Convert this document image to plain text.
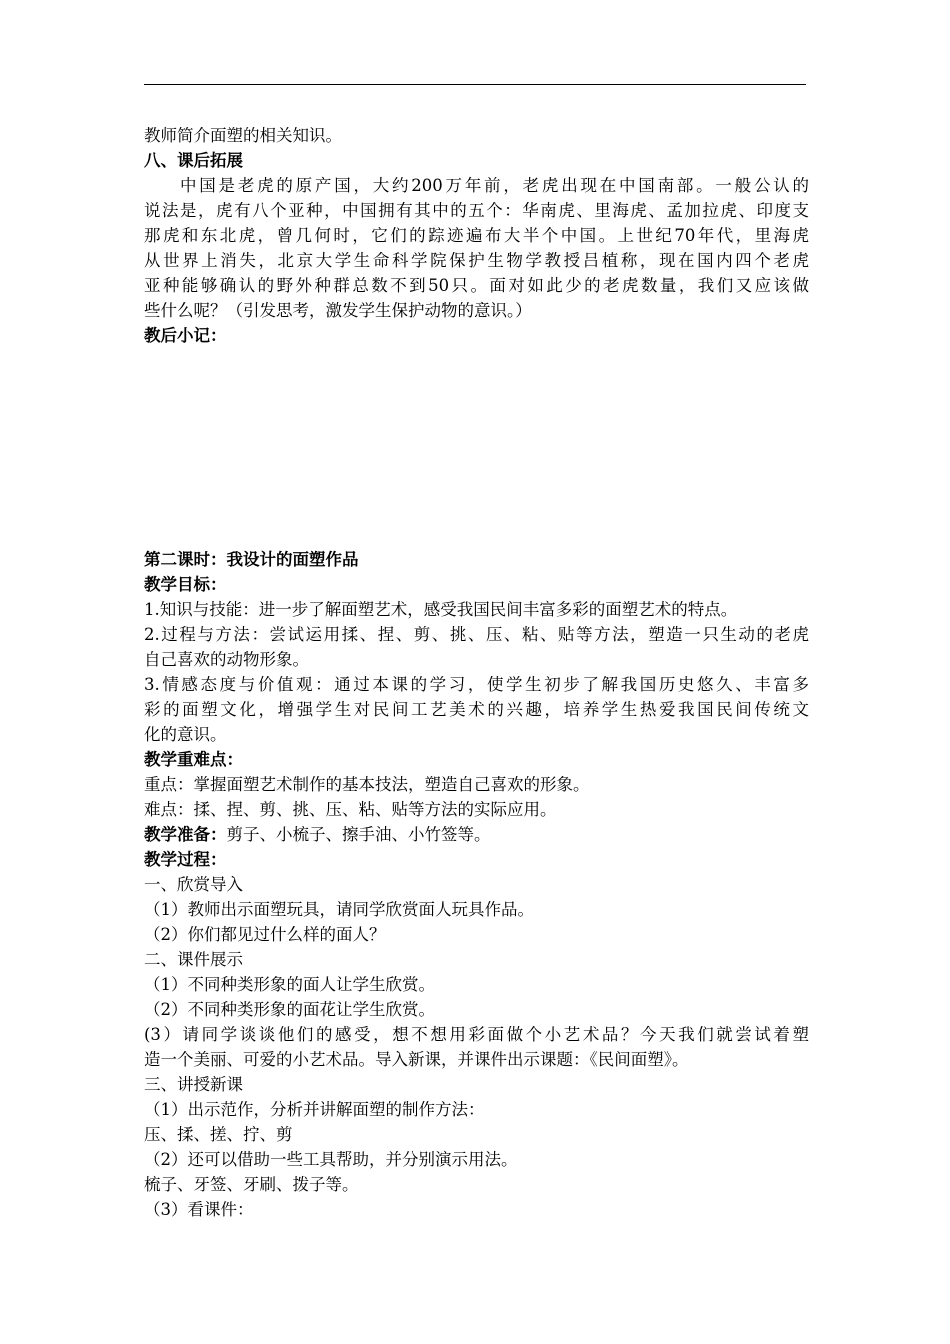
教师简介面塑的相关知识。
八、课后拓展
中国是老虎的原产国，大约200万年前，老虎出现在中国南部。一般公认的
说法是，虎有八个亚种，中国拥有其中的五个：华南虎、里海虎、孟加拉虎、印度支
那虎和东北虎，曾几何时，它们的踪迹遍布大半个中国。上世纪70年代，里海虎
从世界上消失，北京大学生命科学院保护生物学教授吕植称，现在国内四个老虎
亚种能够确认的野外种群总数不到50只。面对如此少的老虎数量，我们又应该做
些什么呢？（引发思考，激发学生保护动物的意识。）
教后小记：
第二课时：我设计的面塑作品
教学目标：
1.知识与技能：进一步了解面塑艺术，感受我国民间丰富多彩的面塑艺术的特点。
2.过程与方法：尝试运用揉、捏、剪、挑、压、粘、贴等方法，塑造一只生动的老虎
自己喜欢的动物形象。
3.情感态度与价值观：通过本课的学习，使学生初步了解我国历史悠久、丰富多
彩的面塑文化，增强学生对民间工艺美术的兴趣，培养学生热爱我国民间传统文
化的意识。
教学重难点：
重点：掌握面塑艺术制作的基本技法，塑造自己喜欢的形象。
难点：揉、捏、剪、挑、压、粘、贴等方法的实际应用。
教学准备：剪子、小梳子、擦手油、小竹签等。
教学过程：
一、欣赏导入
（1）教师出示面塑玩具，请同学欣赏面人玩具作品。
（2）你们都见过什么样的面人？
二、课件展示
（1）不同种类形象的面人让学生欣赏。
（2）不同种类形象的面花让学生欣赏。
(3）请同学谈谈他们的感受，想不想用彩面做个小艺术品？今天我们就尝试着塑
造一个美丽、可爱的小艺术品。导入新课，并课件出示课题：《民间面塑》。
三、讲授新课
（1）出示范作，分析并讲解面塑的制作方法：
压、揉、搓、拧、剪
（2）还可以借助一些工具帮助，并分别演示用法。
梳子、牙签、牙刷、拨子等。
（3）看课件：
